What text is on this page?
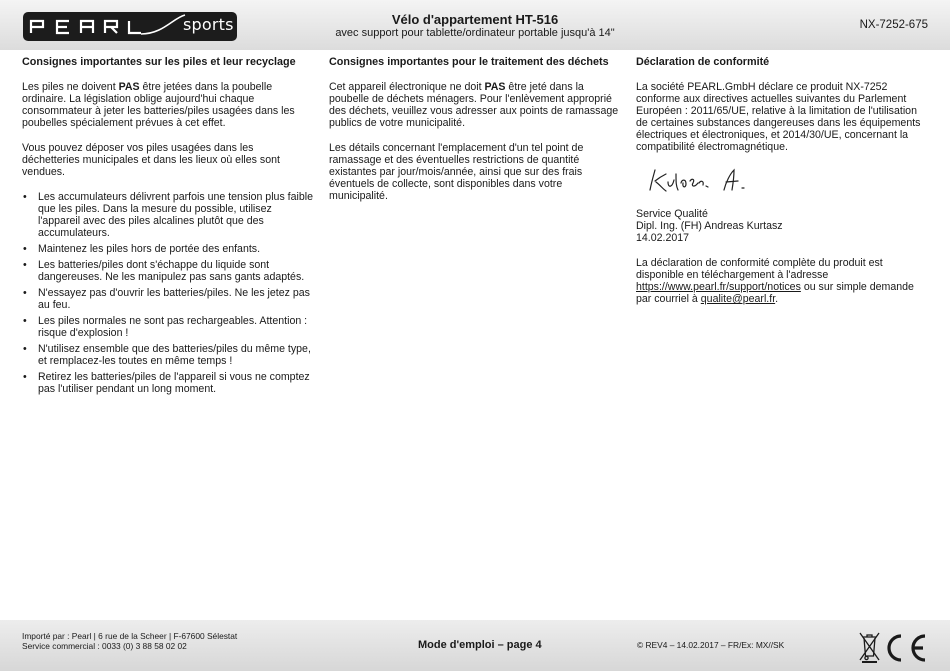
sports	Vélo d'appartement HT-516
avec support pour tablette/ordinateur portable jusqu'à 14"
NX-7252-675
Consignes importantes sur les piles et leur recyclage

Les piles ne doivent PAS être jetées dans la poubelle ordinaire. La législation oblige aujourd'hui chaque consommateur à jeter les batteries/piles usagées dans les poubelles spécialement prévues à cet effet.

Vous pouvez déposer vos piles usagées dans les déchetteries municipales et dans les lieux où elles sont vendues.

• Les accumulateurs délivrent parfois une tension plus faible que les piles. Dans la mesure du possible, utilisez l'appareil avec des piles alcalines plutôt que des accumulateurs.
• Maintenez les piles hors de portée des enfants.
• Les batteries/piles dont s'échappe du liquide sont dangereuses. Ne les manipulez pas sans gants adaptés.
• N'essayez pas d'ouvrir les batteries/piles. Ne les jetez pas au feu.
• Les piles normales ne sont pas rechargeables. Attention : risque d'explosion !
• N'utilisez ensemble que des batteries/piles du même type, et remplacez-les toutes en même temps !
• Retirez les batteries/piles de l'appareil si vous ne comptez pas l'utiliser pendant un long moment.
Consignes importantes pour le traitement des déchets

Cet appareil électronique ne doit PAS être jeté dans la poubelle de déchets ménagers. Pour l'enlèvement approprié des déchets, veuillez vous adresser aux points de ramassage publics de votre municipalité.

Les détails concernant l'emplacement d'un tel point de ramassage et des éventuelles restrictions de quantité existantes par jour/mois/année, ainsi que sur des frais éventuels de collecte, sont disponibles dans votre municipalité.

Déclaration de conformité

La société PEARL.GmbH déclare ce produit NX-7252 conforme aux directives actuelles suivantes du Parlement Européen : 2011/65/UE, relative à la limitation de l'utilisation de certaines substances dangereuses dans les équipements électriques et électroniques, et 2014/30/UE, concernant la compatibilité électromagnétique.

Service Qualité
Dipl. Ing. (FH) Andreas Kurtasz
14.02.2017

La déclaration de conformité complète du produit est disponible en téléchargement à l'adresse https://www.pearl.fr/support/notices ou sur simple demande par courriel à qualite@pearl.fr.

Importé par : Pearl | 6 rue de la Scheer | F-67600 Sélestat
Service commercial : 0033 (0) 3 88 58 02 02	Mode d'emploi – page 4	© REV4 – 14.02.2017 – FR/Ex: MX//SK
